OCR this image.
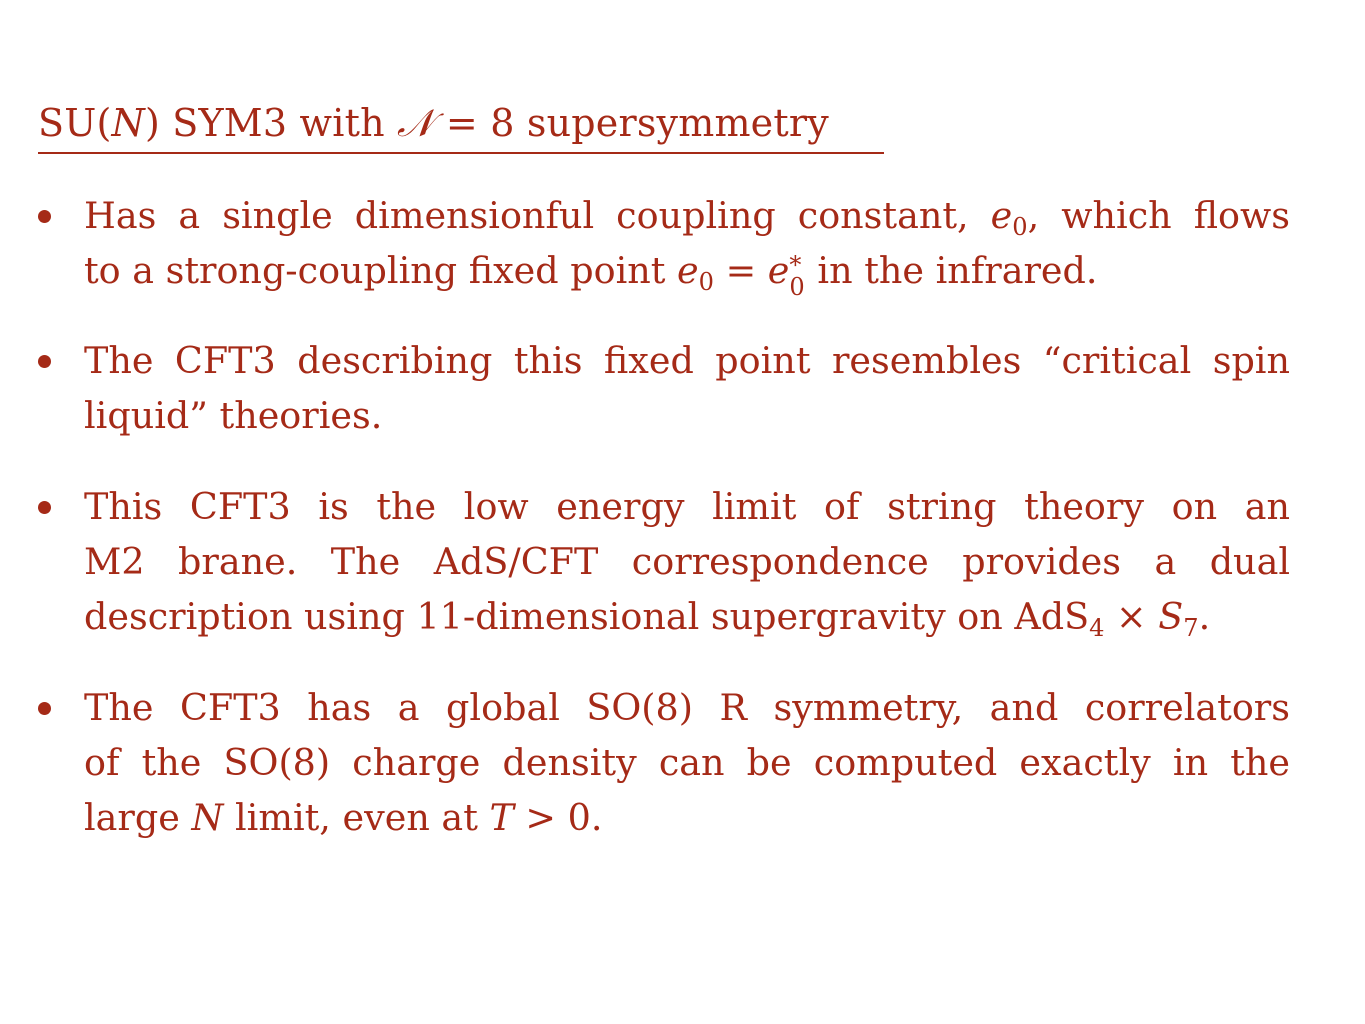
SU(N) SYM3 with 𝒩 = 8 supersymmetry
Has a single dimensionful coupling constant, $e_0$, which flows
to a strong-coupling fixed point $e_0 = e$ *
0 in the infrared.
The CFT3 describing this fixed point resembles “critical spin
liquid” theories.
This CFT3 is the low energy limit of string theory on an
M2 brane. The AdS/CFT correspondence provides a dual
description using 11-dimensional supergravity on $AdS_4 \times S_7$.
The CFT3 has a global SO(8) R symmetry, and correlators
of the SO(8) charge density can be computed exactly in the
large N limit, even at T > 0.
